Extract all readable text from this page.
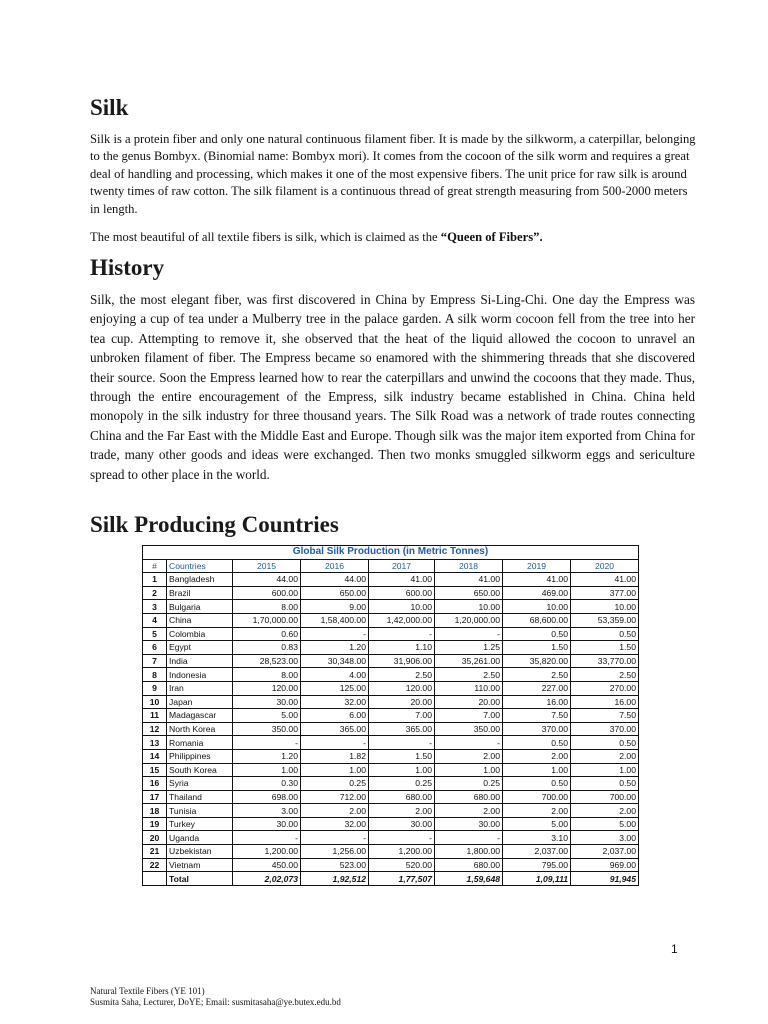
Silk

Silk is a protein fiber and only one natural continuous filament fiber. It is made by the silkworm, a caterpillar, belonging to the genus Bombyx. (Binomial name: Bombyx mori). It comes from the cocoon of the silk worm and requires a great deal of handling and processing, which makes it one of the most expensive fibers. The unit price for raw silk is around twenty times of raw cotton. The silk filament is a continuous thread of great strength measuring from 500-2000 meters in length.

The most beautiful of all textile fibers is silk, which is claimed as the “Queen of Fibers”.

History

Silk, the most elegant fiber, was first discovered in China by Empress Si-Ling-Chi. One day the Empress was enjoying a cup of tea under a Mulberry tree in the palace garden. A silk worm cocoon fell from the tree into her tea cup. Attempting to remove it, she observed that the heat of the liquid allowed the cocoon to unravel an unbroken filament of fiber. The Empress became so enamored with the shimmering threads that she discovered their source. Soon the Empress learned how to rear the caterpillars and unwind the cocoons that they made. Thus, through the entire encouragement of the Empress, silk industry became established in China. China held monopoly in the silk industry for three thousand years. The Silk Road was a network of trade routes connecting China and the Far East with the Middle East and Europe. Though silk was the major item exported from China for trade, many other goods and ideas were exchanged. Then two monks smuggled silkworm eggs and sericulture spread to other place in the world.

Silk Producing Countries
Global Silk Production (in Metric Tonnes)							
#	Countries	2015	2016	2017	2018	2019	2020
1	Bangladesh	44.00	44.00	41.00	41.00	41.00	41.00
2	Brazil	600.00	650.00	600.00	650.00	469.00	377.00
3	Bulgaria	8.00	9.00	10.00	10.00	10.00	10.00
4	China	1,70,000.00	1,58,400.00	1,42,000.00	1,20,000.00	68,600.00	53,359.00
5	Colombia	0.60	-	-	-	0.50	0.50
6	Egypt	0.83	1.20	1.10	1.25	1.50	1.50
7	India	28,523.00	30,348.00	31,906.00	35,261.00	35,820.00	33,770.00
8	Indonesia	8.00	4.00	2.50	2.50	2.50	2.50
9	Iran	120.00	125.00	120.00	110.00	227.00	270.00
10	Japan	30.00	32.00	20.00	20.00	16.00	16.00
11	Madagascar	5.00	6.00	7.00	7.00	7.50	7.50
12	North Korea	350.00	365.00	365.00	350.00	370.00	370.00
13	Romania	-	-	-	-	0.50	0.50
14	Philippines	1.20	1.82	1.50	2.00	2.00	2.00
15	South Korea	1.00	1.00	1.00	1.00	1.00	1.00
16	Syria	0.30	0.25	0.25	0.25	0.50	0.50
17	Thailand	698.00	712.00	680.00	680.00	700.00	700.00
18	Tunisia	3.00	2.00	2.00	2.00	2.00	2.00
19	Turkey	30.00	32.00	30.00	30.00	5.00	5.00
20	Uganda	-	-	-	-	3.10	3.00
21	Uzbekistan	1,200.00	1,256.00	1,200.00	1,800.00	2,037.00	2,037.00
22	Vietnam	450.00	523.00	520.00	680.00	795.00	969.00
	Total	2,02,073	1,92,512	1,77,507	1,59,648	1,09,111	91,945
1

Natural Textile Fibers (YE 101)

Susmita Saha, Lecturer, DoYE; Email: susmitasaha@ye.butex.edu.bd
